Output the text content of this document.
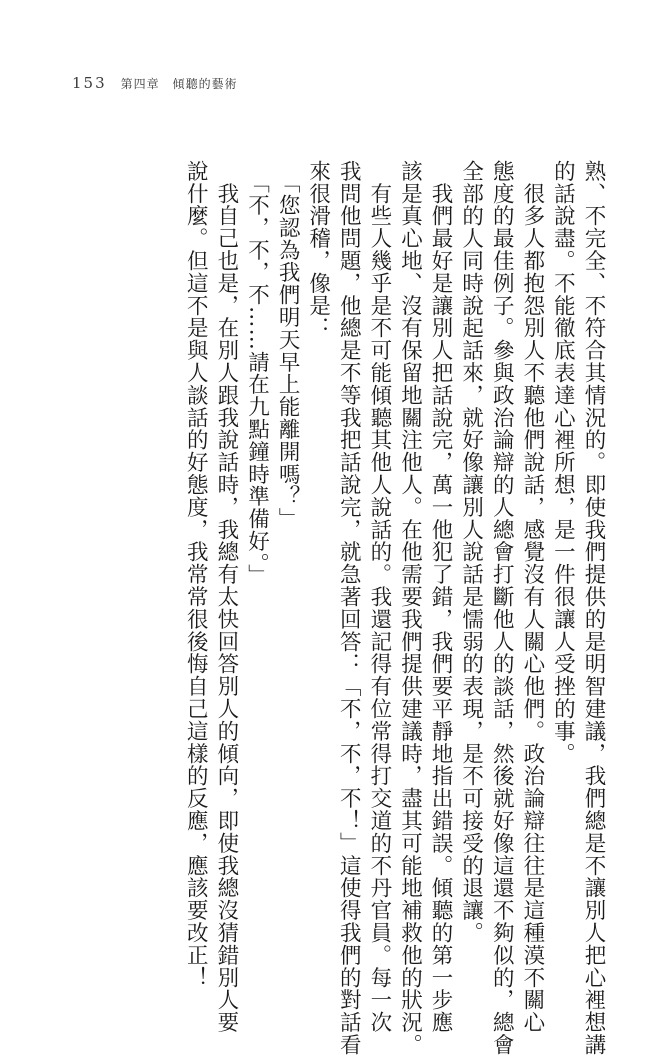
153 第四章　傾聽的藝術
熟、不完全、不符合其情況的。即使我們提供的是明智建議，我們總是不讓別人把心裡想講
的話說盡。不能徹底表達心裡所想，是一件很讓人受挫的事。
　很多人都抱怨別人不聽他們說話，感覺沒有人關心他們。政治論辯往往是這種漠不關心
態度的最佳例子。參與政治論辯的人總會打斷他人的談話，然後就好像這還不夠似的，總會
全部的人同時說起話來，就好像讓別人說話是懦弱的表現，是不可接受的退讓。
　我們最好是讓別人把話說完，萬一他犯了錯，我們要平靜地指出錯誤。傾聽的第一步應
該是真心地、沒有保留地關注他人。在他需要我們提供建議時，盡其可能地補救他的狀況。
　有些人幾乎是不可能傾聽其他人說話的。我還記得有位常得打交道的不丹官員。每一次
我問他問題，他總是不等我把話說完，就急著回答：「不，不，不！」這使得我們的對話看
來很滑稽，像是：
　「您認為我們明天早上能離開嗎？」
　「不，不，不……請在九點鐘時準備好。」
　我自己也是，在別人跟我說話時，我總有太快回答別人的傾向，即使我總沒猜錯別人要
說什麼。但這不是與人談話的好態度，我常常很後悔自己這樣的反應，應該要改正！
